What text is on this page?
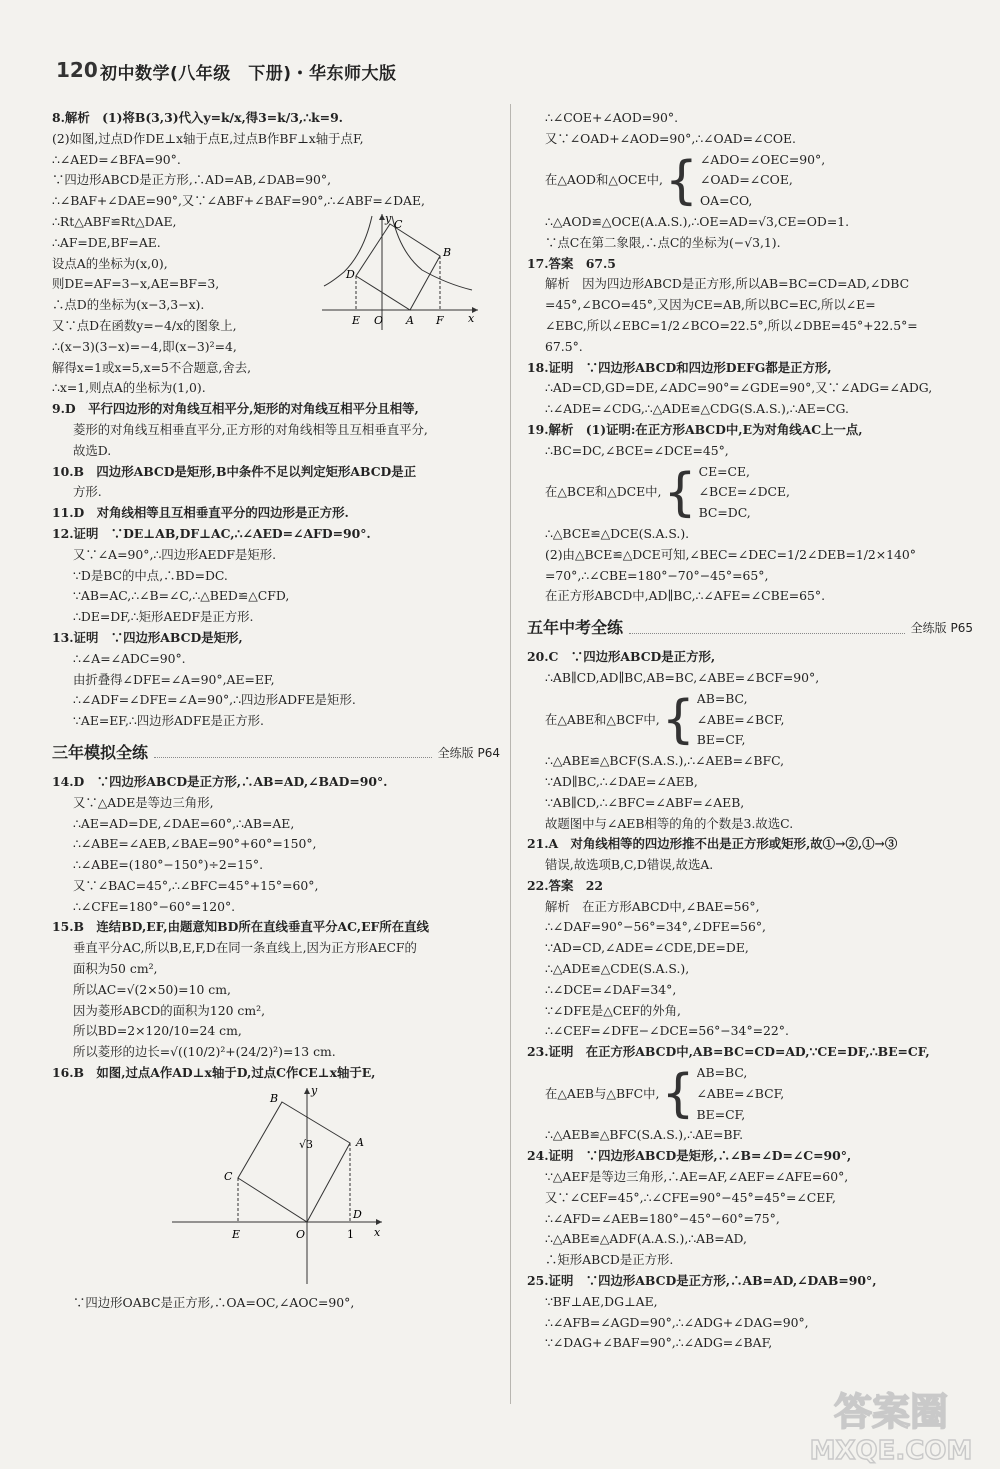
120 初中数学(八年级　下册)・华东师大版
8.解析　(1)将B(3,3)代入y=k/x,得3=k/3,∴k=9.
(2)如图,过点D作DE⊥x轴于点E,过点B作BF⊥x轴于点F,
∴∠AED=∠BFA=90°.
∵四边形ABCD是正方形,∴AD=AB,∠DAB=90°,
∴∠BAF+∠DAE=90°,又∵∠ABF+∠BAF=90°,∴∠ABF=∠DAE,
y C
B
D
E O A F x
∴Rt△ABF≌Rt△DAE,
∴AF=DE,BF=AE.
设点A的坐标为(x,0),
则DE=AF=3−x,AE=BF=3,
∴点D的坐标为(x−3,3−x).
又∵点D在函数y=−4/x的图象上,
∴(x−3)(3−x)=−4,即(x−3)²=4,
解得x=1或x=5,x=5不合题意,舍去,
∴x=1,则点A的坐标为(1,0).
9.D　平行四边形的对角线互相平分,矩形的对角线互相平分且相等,
菱形的对角线互相垂直平分,正方形的对角线相等且互相垂直平分,
故选D.
10.B　四边形ABCD是矩形,B中条件不足以判定矩形ABCD是正
方形.
11.D　对角线相等且互相垂直平分的四边形是正方形.
12.证明　∵DE⊥AB,DF⊥AC,∴∠AED=∠AFD=90°.
又∵∠A=90°,∴四边形AEDF是矩形.
∵D是BC的中点,∴BD=DC.
∵AB=AC,∴∠B=∠C,∴△BED≌△CFD,
∴DE=DF,∴矩形AEDF是正方形.
13.证明　∵四边形ABCD是矩形,
∴∠A=∠ADC=90°.
由折叠得∠DFE=∠A=90°,AE=EF,
∴∠ADF=∠DFE=∠A=90°,∴四边形ADFE是矩形.
∵AE=EF,∴四边形ADFE是正方形.
三年模拟全练	全练版 P64
14.D　∵四边形ABCD是正方形,∴AB=AD,∠BAD=90°.
又∵△ADE是等边三角形,
∴AE=AD=DE,∠DAE=60°,∴AB=AE,
∴∠ABE=∠AEB,∠BAE=90°+60°=150°,
∴∠ABE=(180°−150°)÷2=15°.
又∵∠BAC=45°,∴∠BFC=45°+15°=60°,
∴∠CFE=180°−60°=120°.
15.B　连结BD,EF,由题意知BD所在直线垂直平分AC,EF所在直线
垂直平分AC,所以B,E,F,D在同一条直线上,因为正方形AECF的
面积为50 cm²,
所以AC=√(2×50)=10 cm,
因为菱形ABCD的面积为120 cm²,
所以BD=2×120/10=24 cm,
所以菱形的边长=√((10/2)²+(24/2)²)=13 cm.
16.B　如图,过点A作AD⊥x轴于D,过点C作CE⊥x轴于E,
y
B
A
√3
C
E	O	1
D
x
∵四边形OABC是正方形,∴OA=OC,∠AOC=90°,
∴∠COE+∠AOD=90°.
又∵∠OAD+∠AOD=90°,∴∠OAD=∠COE.
在△AOD和△OCE中, { ∠ADO=∠OEC=90°,
∠OAD=∠COE,
OA=CO,
∴△AOD≌△OCE(A.A.S.),∴OE=AD=√3,CE=OD=1.
∵点C在第二象限,∴点C的坐标为(−√3,1).
17.答案　67.5
解析　因为四边形ABCD是正方形,所以AB=BC=CD=AD,∠DBC
=45°,∠BCO=45°,又因为CE=AB,所以BC=EC,所以∠E=
∠EBC,所以∠EBC=1/2∠BCO=22.5°,所以∠DBE=45°+22.5°=
67.5°.
18.证明　∵四边形ABCD和四边形DEFG都是正方形,
∴AD=CD,GD=DE,∠ADC=90°=∠GDE=90°,又∵∠ADG=∠ADG,
∴∠ADE=∠CDG,∴△ADE≌△CDG(S.A.S.),∴AE=CG.
19.解析　(1)证明:在正方形ABCD中,E为对角线AC上一点,
∴BC=DC,∠BCE=∠DCE=45°,
在△BCE和△DCE中, { CE=CE,
∠BCE=∠DCE,
BC=DC,
∴△BCE≌△DCE(S.A.S.).
(2)由△BCE≌△DCE可知,∠BEC=∠DEC=1/2∠DEB=1/2×140°
=70°,∴∠CBE=180°−70°−45°=65°,
在正方形ABCD中,AD∥BC,∴∠AFE=∠CBE=65°.
五年中考全练	全练版 P65
20.C　∵四边形ABCD是正方形,
∴AB∥CD,AD∥BC,AB=BC,∠ABE=∠BCF=90°,
在△ABE和△BCF中, { AB=BC,
∠ABE=∠BCF,
BE=CF,
∴△ABE≌△BCF(S.A.S.),∴∠AEB=∠BFC,
∵AD∥BC,∴∠DAE=∠AEB,
∵AB∥CD,∴∠BFC=∠ABF=∠AEB,
故题图中与∠AEB相等的角的个数是3.故选C.
21.A　对角线相等的四边形推不出是正方形或矩形,故①→②,①→③
错误,故选项B,C,D错误,故选A.
22.答案　22
解析　在正方形ABCD中,∠BAE=56°,
∴∠DAF=90°−56°=34°,∠DFE=56°,
∵AD=CD,∠ADE=∠CDE,DE=DE,
∴△ADE≌△CDE(S.A.S.),
∴∠DCE=∠DAF=34°,
∵∠DFE是△CEF的外角,
∴∠CEF=∠DFE−∠DCE=56°−34°=22°.
23.证明　在正方形ABCD中,AB=BC=CD=AD,∵CE=DF,∴BE=CF,
在△AEB与△BFC中, { AB=BC,
∠ABE=∠BCF,
BE=CF,
∴△AEB≌△BFC(S.A.S.),∴AE=BF.
24.证明　∵四边形ABCD是矩形,∴∠B=∠D=∠C=90°,
∵△AEF是等边三角形,∴AE=AF,∠AEF=∠AFE=60°,
又∵∠CEF=45°,∴∠CFE=90°−45°=45°=∠CEF,
∴∠AFD=∠AEB=180°−45°−60°=75°,
∴△ABE≌△ADF(A.A.S.),∴AB=AD,
∴矩形ABCD是正方形.
25.证明　∵四边形ABCD是正方形,∴AB=AD,∠DAB=90°,
∵BF⊥AE,DG⊥AE,
∴∠AFB=∠AGD=90°,∴∠ADG+∠DAG=90°,
∵∠DAG+∠BAF=90°,∴∠ADG=∠BAF,
答案圈
MXQE.COM
